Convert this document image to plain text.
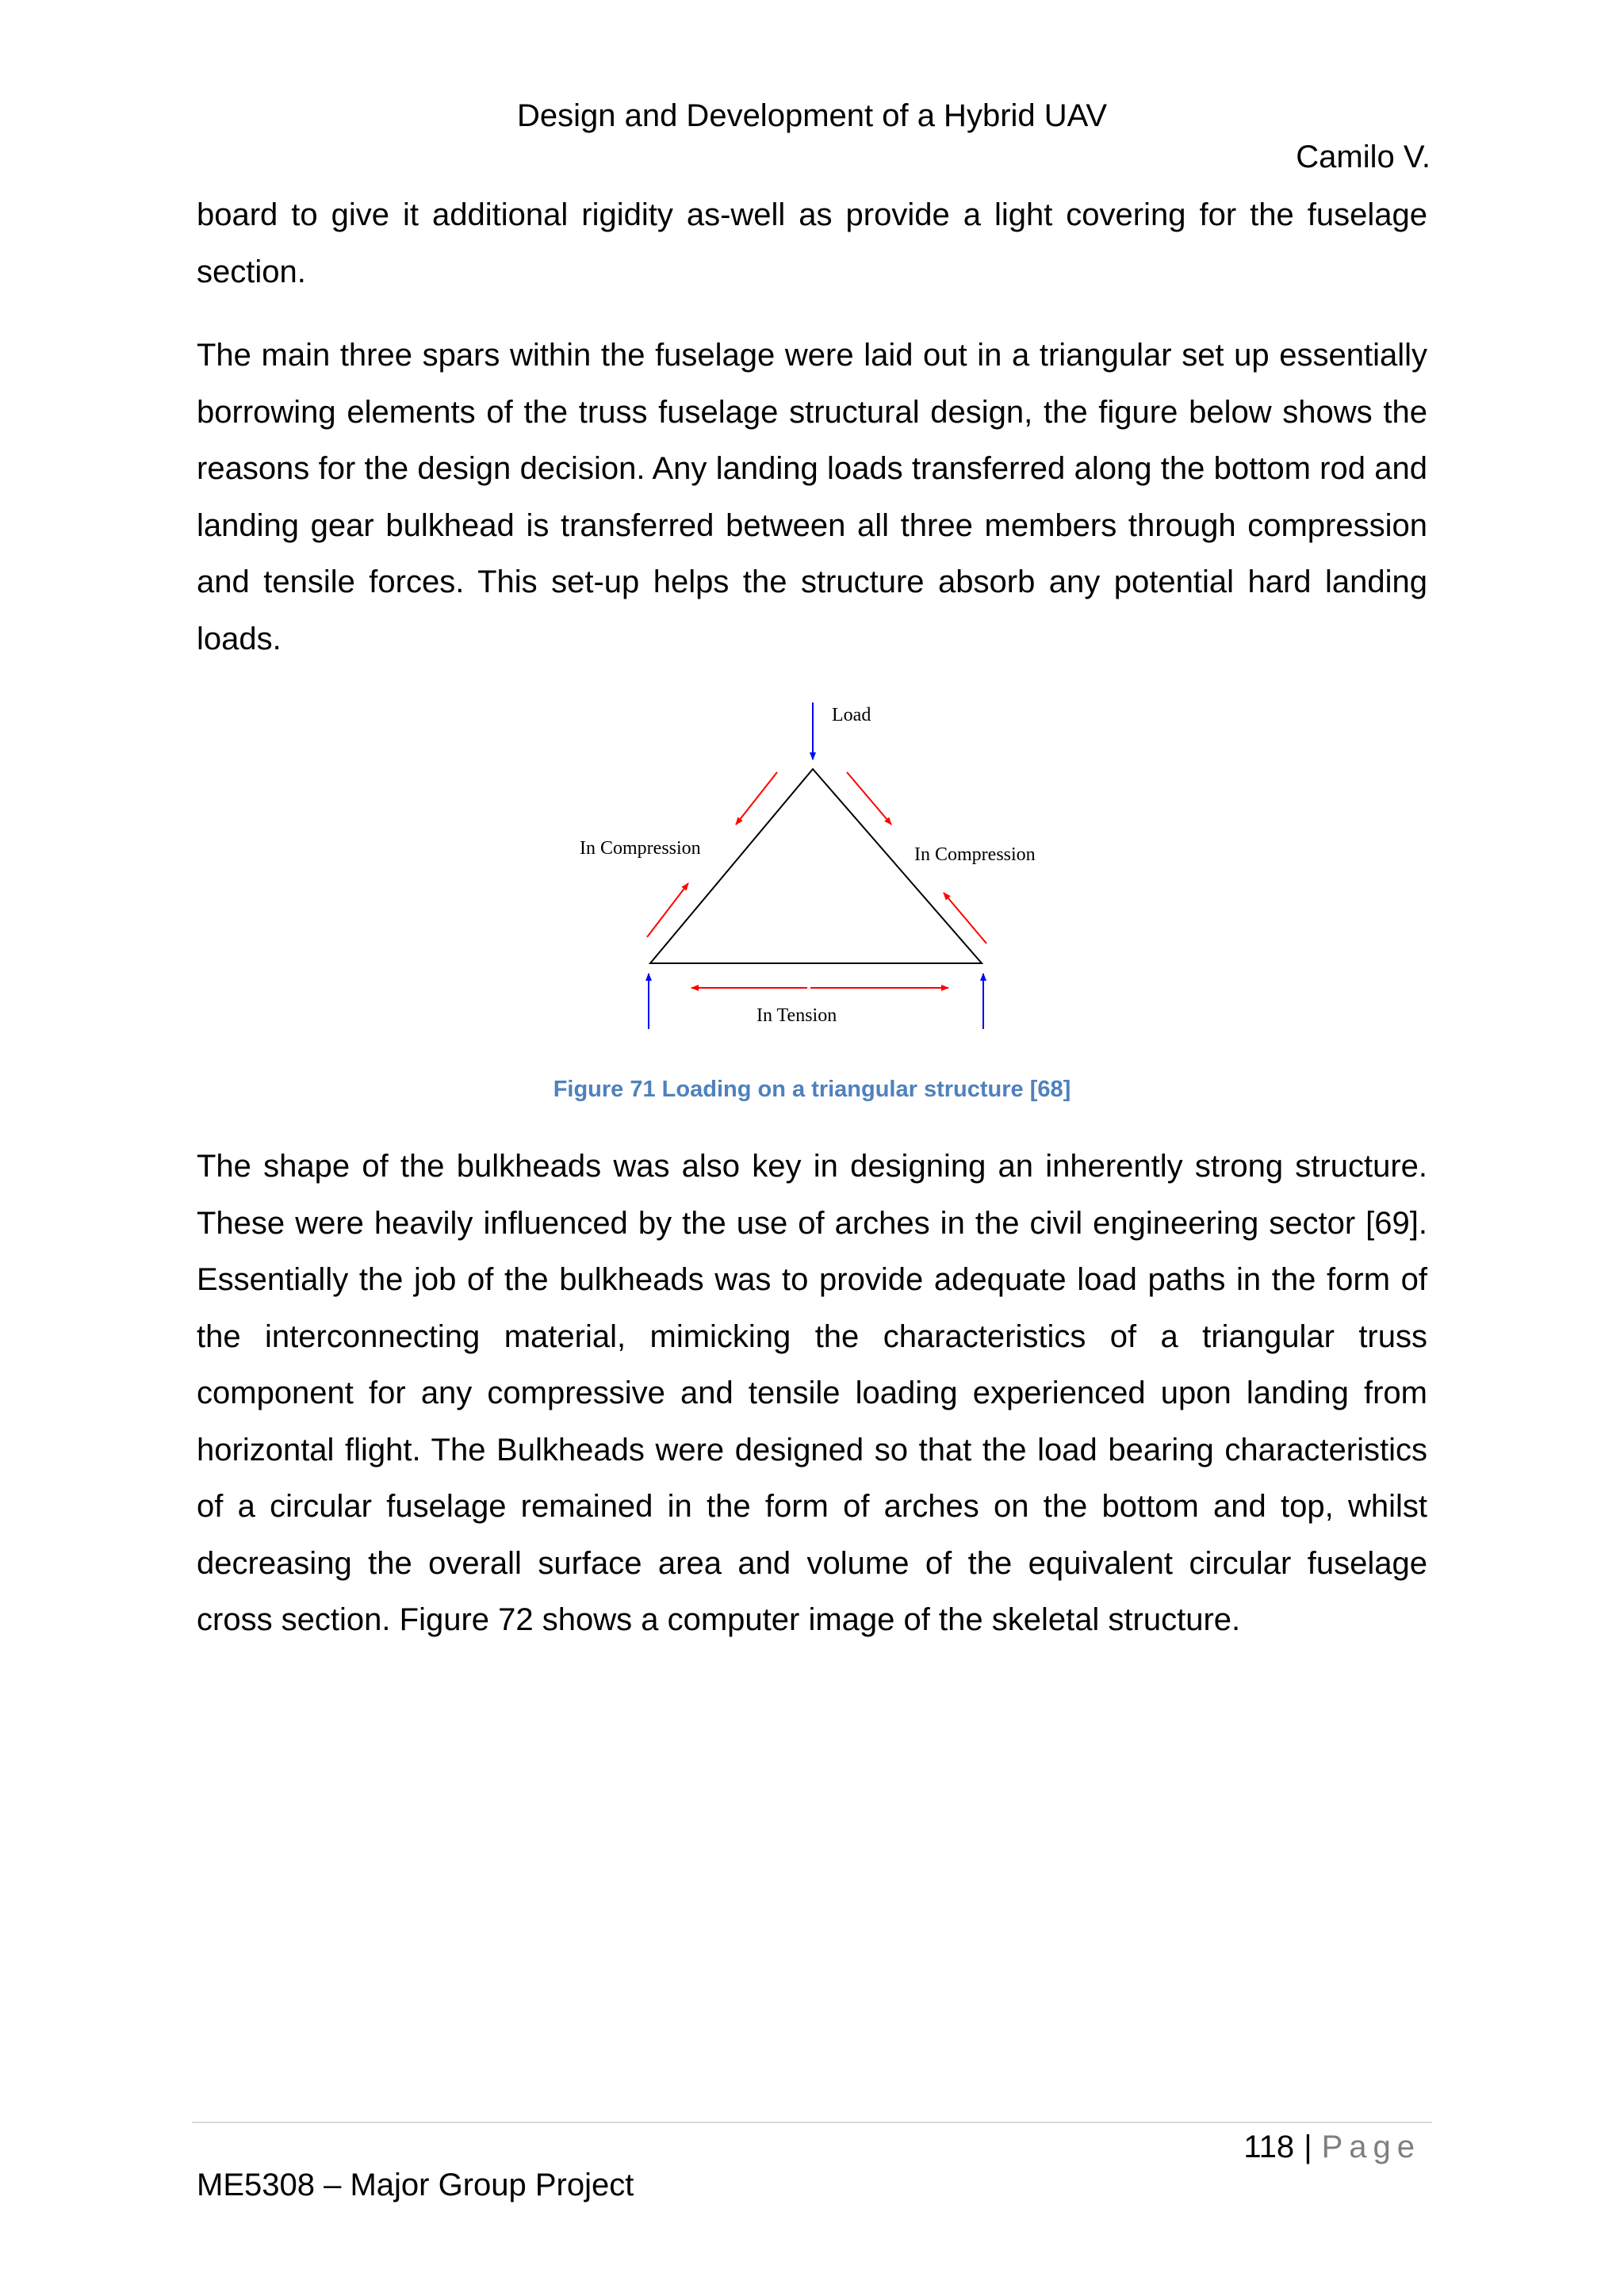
Design and Development of a Hybrid UAV
Camilo V.

board to give it additional rigidity as-well as provide a light covering for the fuselage section.

The main three spars within the fuselage were laid out in a triangular set up essentially borrowing elements of the truss fuselage structural design, the figure below shows the reasons for the design decision. Any landing loads transferred along the bottom rod and landing gear bulkhead is transferred between all three members through compression and tensile forces. This set-up helps the structure absorb any potential hard landing loads.

Load
In Compression	In Compression
In Tension
Figure 71 Loading on a triangular structure [68]

The shape of the bulkheads was also key in designing an inherently strong structure. These were heavily influenced by the use of arches in the civil engineering sector [69]. Essentially the job of the bulkheads was to provide adequate load paths in the form of the interconnecting material, mimicking the characteristics of a triangular truss component for any compressive and tensile loading experienced upon landing from horizontal flight. The Bulkheads were designed so that the load bearing characteristics of a circular fuselage remained in the form of arches on the bottom and top, whilst decreasing the overall surface area and volume of the equivalent circular fuselage cross section. Figure 72 shows a computer image of the skeletal structure.

118 | Page
ME5308 – Major Group Project
